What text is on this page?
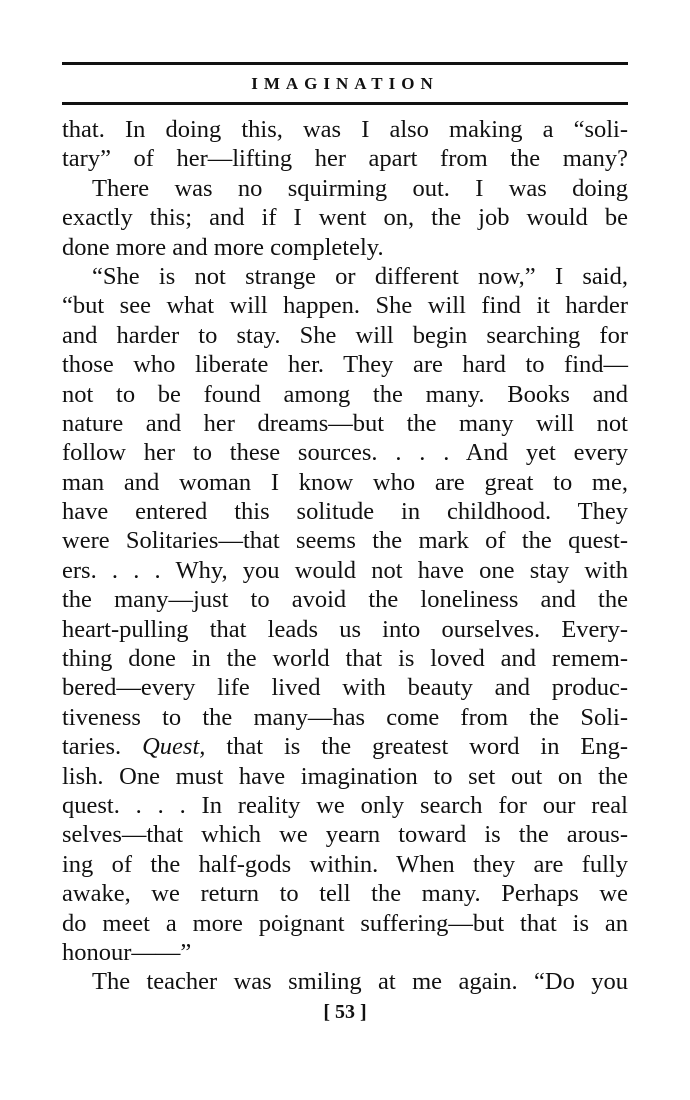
IMAGINATION
that. In doing this, was I also making a “soli-
tary” of her—lifting her apart from the many?
There was no squirming out. I was doing
exactly this; and if I went on, the job would be
done more and more completely.
“She is not strange or different now,” I said,
“but see what will happen. She will find it harder
and harder to stay. She will begin searching for
those who liberate her. They are hard to find—
not to be found among the many. Books and
nature and her dreams—but the many will not
follow her to these sources. . . . And yet every
man and woman I know who are great to me,
have entered this solitude in childhood. They
were Solitaries—that seems the mark of the quest-
ers. . . . Why, you would not have one stay with
the many—just to avoid the loneliness and the
heart-pulling that leads us into ourselves. Every-
thing done in the world that is loved and remem-
bered—every life lived with beauty and produc-
tiveness to the many—has come from the Soli-
taries. Quest, that is the greatest word in Eng-
lish. One must have imagination to set out on the
quest. . . . In reality we only search for our real
selves—that which we yearn toward is the arous-
ing of the half-gods within. When they are fully
awake, we return to tell the many. Perhaps we
do meet a more poignant suffering—but that is an
honour——”
The teacher was smiling at me again. “Do you
[ 53 ]
